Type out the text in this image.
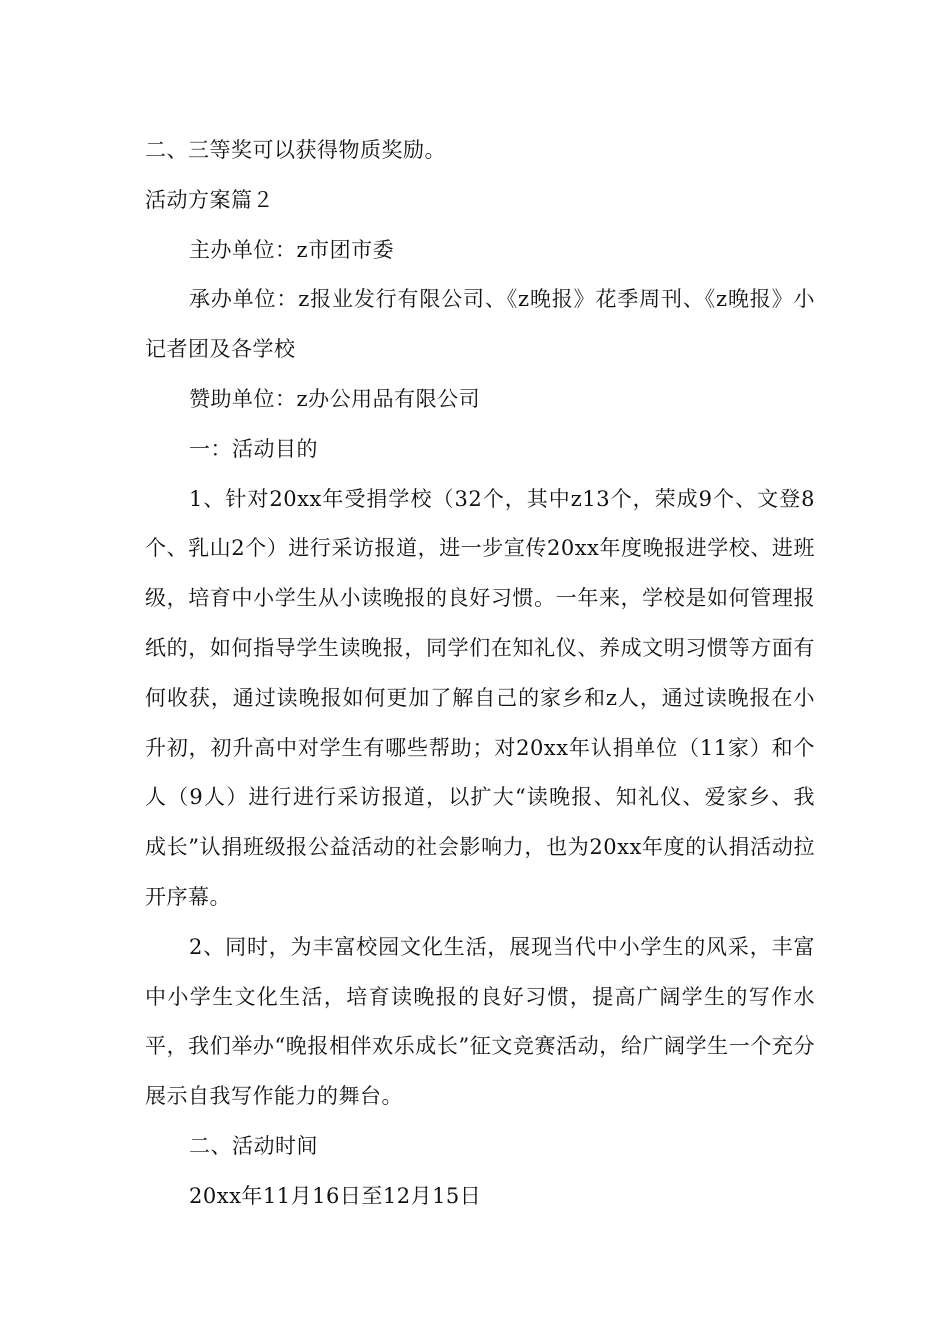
二、三等奖可以获得物质奖励。

活动方案篇２

主办单位：z市团市委

承办单位：z报业发行有限公司、《z晚报》花季周刊、《z晚报》小记者团及各学校

赞助单位：z办公用品有限公司

一：活动目的

1、针对20xx年受捐学校（32个，其中z13个，荣成9个、文登8个、乳山2个）进行采访报道，进一步宣传20xx年度晚报进学校、进班级，培育中小学生从小读晚报的良好习惯。一年来，学校是如何管理报纸的，如何指导学生读晚报，同学们在知礼仪、养成文明习惯等方面有何收获，通过读晚报如何更加了解自己的家乡和z人，通过读晚报在小升初，初升高中对学生有哪些帮助；对20xx年认捐单位（11家）和个人（9人）进行进行采访报道，以扩大“读晚报、知礼仪、爱家乡、我成长”认捐班级报公益活动的社会影响力，也为20xx年度的认捐活动拉开序幕。

2、同时，为丰富校园文化生活，展现当代中小学生的风采，丰富中小学生文化生活，培育读晚报的良好习惯，提高广阔学生的写作水平，我们举办“晚报相伴欢乐成长”征文竞赛活动，给广阔学生一个充分展示自我写作能力的舞台。

二、活动时间

20xx年11月16日至12月15日
